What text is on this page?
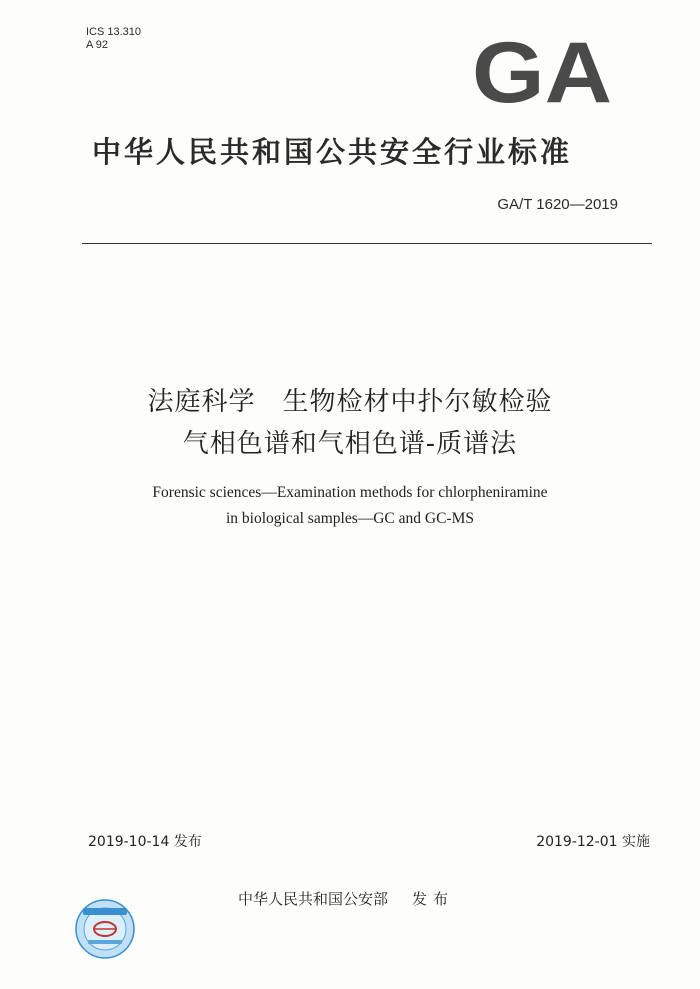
ICS 13.310
A 92	GA
中华人民共和国公共安全行业标准
GA/T 1620—2019
法庭科学　生物检材中扑尔敏检验
气相色谱和气相色谱-质谱法
Forensic sciences—Examination methods for chlorpheniramine
in biological samples—GC and GC-MS
2019-10-14 发布	2019-12-01 实施
中华人民共和国公安部 发布
